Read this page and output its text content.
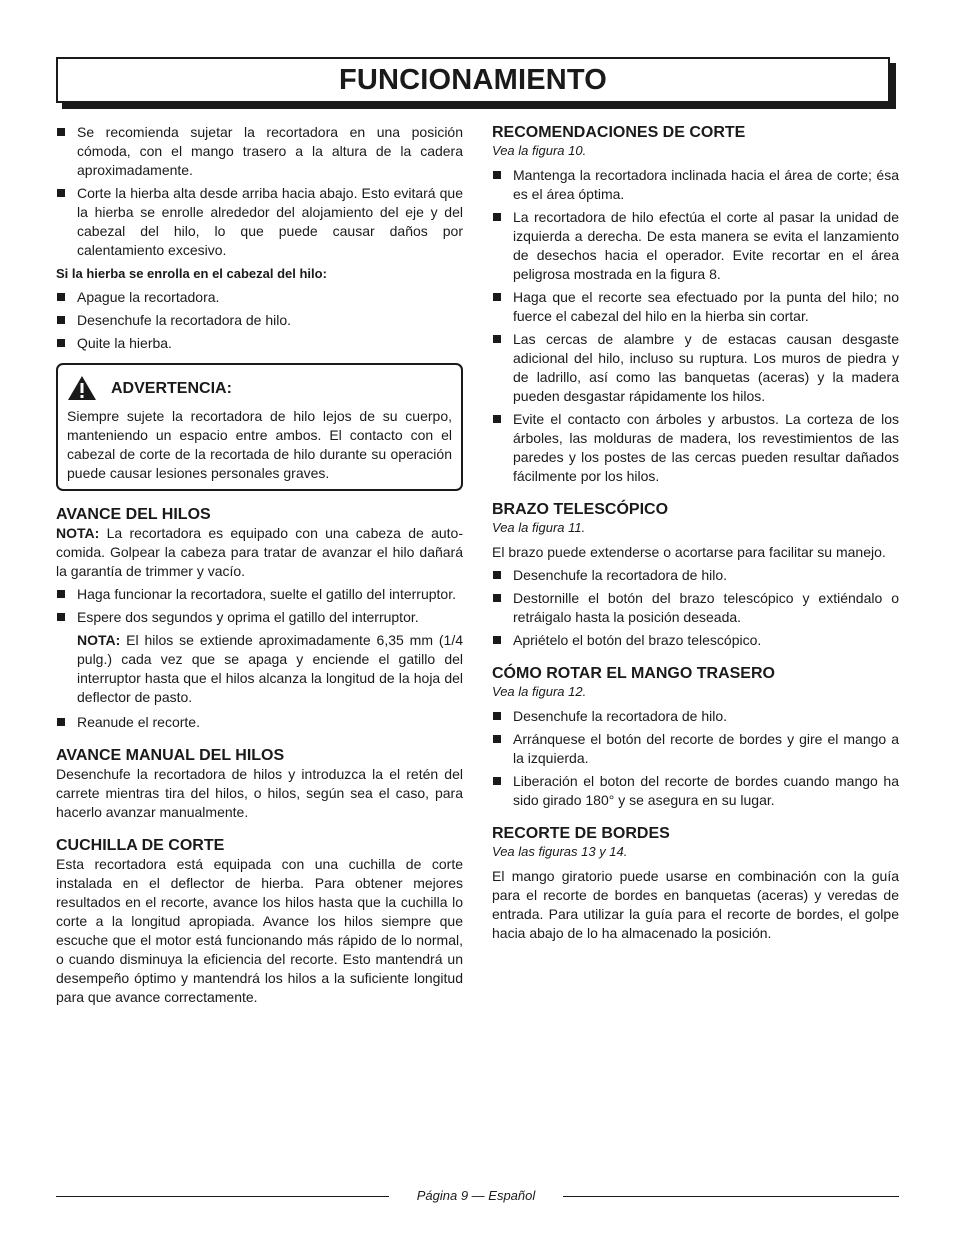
FUNCIONAMIENTO
Se recomienda sujetar la recortadora en una posición cómoda, con el mango trasero a la altura de la cadera aproximadamente.
Corte la hierba alta desde arriba hacia abajo. Esto evitará que la hierba se enrolle alrededor del alojamiento del eje y del cabezal del hilo, lo que puede causar daños por calentamiento excesivo.
Si la hierba se enrolla en el cabezal del hilo:
Apague la recortadora.
Desenchufe la recortadora de hilo.
Quite la hierba.
ADVERTENCIA:

Siempre sujete la recortadora de hilo lejos de su cuerpo, manteniendo un espacio entre ambos. El contacto con el cabezal de corte de la recortada de hilo durante su operación puede causar lesiones personales graves.

AVANCE DEL HILOS

NOTA: La recortadora es equipado con una cabeza de auto-comida. Golpear la cabeza para tratar de avanzar el hilo dañará la garantía de trimmer y vacío.

Haga funcionar la recortadora, suelte el gatillo del interruptor.
Espere dos segundos y oprima el gatillo del interruptor.

NOTA: El hilos se extiende aproximadamente 6,35 mm (1/4 pulg.) cada vez que se apaga y enciende el gatillo del interruptor hasta que el hilos alcanza la longitud de la hoja del deflector de pasto.

Reanude el recorte.
AVANCE MANUAL DEL HILOS

Desenchufe la recortadora de hilos y introduzca la el retén del carrete mientras tira del hilos, o hilos, según sea el caso, para hacerlo avanzar manualmente.

CUCHILLA DE CORTE

Esta recortadora está equipada con una cuchilla de corte instalada en el deflector de hierba. Para obtener mejores resultados en el recorte, avance los hilos hasta que la cuchilla lo corte a la longitud apropiada. Avance los hilos siempre que escuche que el motor está funcionando más rápido de lo normal, o cuando disminuya la eficiencia del recorte. Esto mantendrá un desempeño óptimo y mantendrá los hilos a la suficiente longitud para que avance correctamente.

RECOMENDACIONES DE CORTE
Vea la figura 10.
Mantenga la recortadora inclinada hacia el área de corte; ésa es el área óptima.
La recortadora de hilo efectúa el corte al pasar la unidad de izquierda a derecha. De esta manera se evita el lanzamiento de desechos hacia el operador. Evite recortar en el área peligrosa mostrada en la figura 8.
Haga que el recorte sea efectuado por la punta del hilo; no fuerce el cabezal del hilo en la hierba sin cortar.
Las cercas de alambre y de estacas causan desgaste adicional del hilo, incluso su ruptura. Los muros de piedra y de ladrillo, así como las banquetas (aceras) y la madera pueden desgastar rápidamente los hilos.
Evite el contacto con árboles y arbustos. La corteza de los árboles, las molduras de madera, los revestimientos de las paredes y los postes de las cercas pueden resultar dañados fácilmente por los hilos.
BRAZO TELESCÓPICO
Vea la figura 11.

El brazo puede extenderse o acortarse para facilitar su manejo.

Desenchufe la recortadora de hilo.
Destornille el botón del brazo telescópico y extiéndalo o retráigalo hasta la posición deseada.
Apriételo el botón del brazo telescópico.
CÓMO ROTAR EL MANGO TRASERO
Vea la figura 12.
Desenchufe la recortadora de hilo.
Arránquese el botón del recorte de bordes y gire el mango a la izquierda.
Liberación el boton del recorte de bordes cuando mango ha sido girado 180° y se asegura en su lugar.
RECORTE DE BORDES
Vea las figuras 13 y 14.

El mango giratorio puede usarse en combinación con la guía para el recorte de bordes en banquetas (aceras) y veredas de entrada. Para utilizar la guía para el recorte de bordes, el golpe hacia abajo de lo ha almacenado la posición.

Página 9 — Español
